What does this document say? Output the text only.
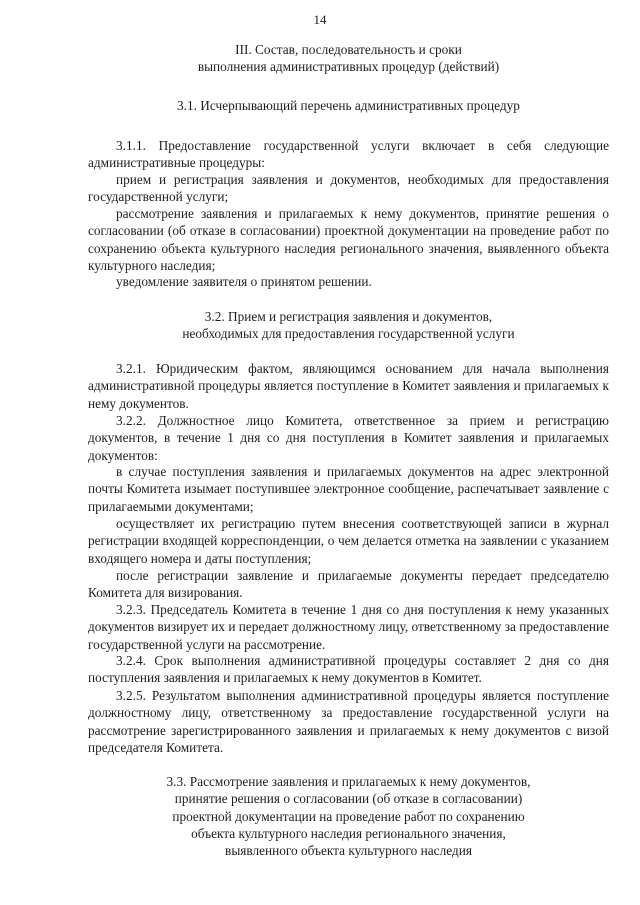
14
III. Состав, последовательность и сроки
выполнения административных процедур (действий)
3.1. Исчерпывающий перечень административных процедур

3.1.1. Предоставление государственной услуги включает в себя следующие административные процедуры:

прием и регистрация заявления и документов, необходимых для предоставления государственной услуги;

рассмотрение заявления и прилагаемых к нему документов, принятие решения о согласовании (об отказе в согласовании) проектной документации на проведение работ по сохранению объекта культурного наследия регионального значения, выявленного объекта культурного наследия;

уведомление заявителя о принятом решении.

3.2. Прием и регистрация заявления и документов,
необходимых для предоставления государственной услуги

3.2.1. Юридическим фактом, являющимся основанием для начала выполнения административной процедуры является поступление в Комитет заявления и прилагаемых к нему документов.

3.2.2. Должностное лицо Комитета, ответственное за прием и регистрацию документов, в течение 1 дня со дня поступления в Комитет заявления и прилагаемых документов:

в случае поступления заявления и прилагаемых документов на адрес электронной почты Комитета изымает поступившее электронное сообщение, распечатывает заявление с прилагаемыми документами;

осуществляет их регистрацию путем внесения соответствующей записи в журнал регистрации входящей корреспонденции, о чем делается отметка на заявлении с указанием входящего номера и даты поступления;

после регистрации заявление и прилагаемые документы передает председателю Комитета для визирования.

3.2.3. Председатель Комитета в течение 1 дня со дня поступления к нему указанных документов визирует их и передает должностному лицу, ответственному за предоставление государственной услуги на рассмотрение.

3.2.4. Срок выполнения административной процедуры составляет 2 дня со дня поступления заявления и прилагаемых к нему документов в Комитет.

3.2.5. Результатом выполнения административной процедуры является поступление должностному лицу, ответственному за предоставление государственной услуги на рассмотрение зарегистрированного заявления и прилагаемых к нему документов с визой председателя Комитета.

3.3. Рассмотрение заявления и прилагаемых к нему документов,
принятие решения о согласовании (об отказе в согласовании)
проектной документации на проведение работ по сохранению
объекта культурного наследия регионального значения,
выявленного объекта культурного наследия
